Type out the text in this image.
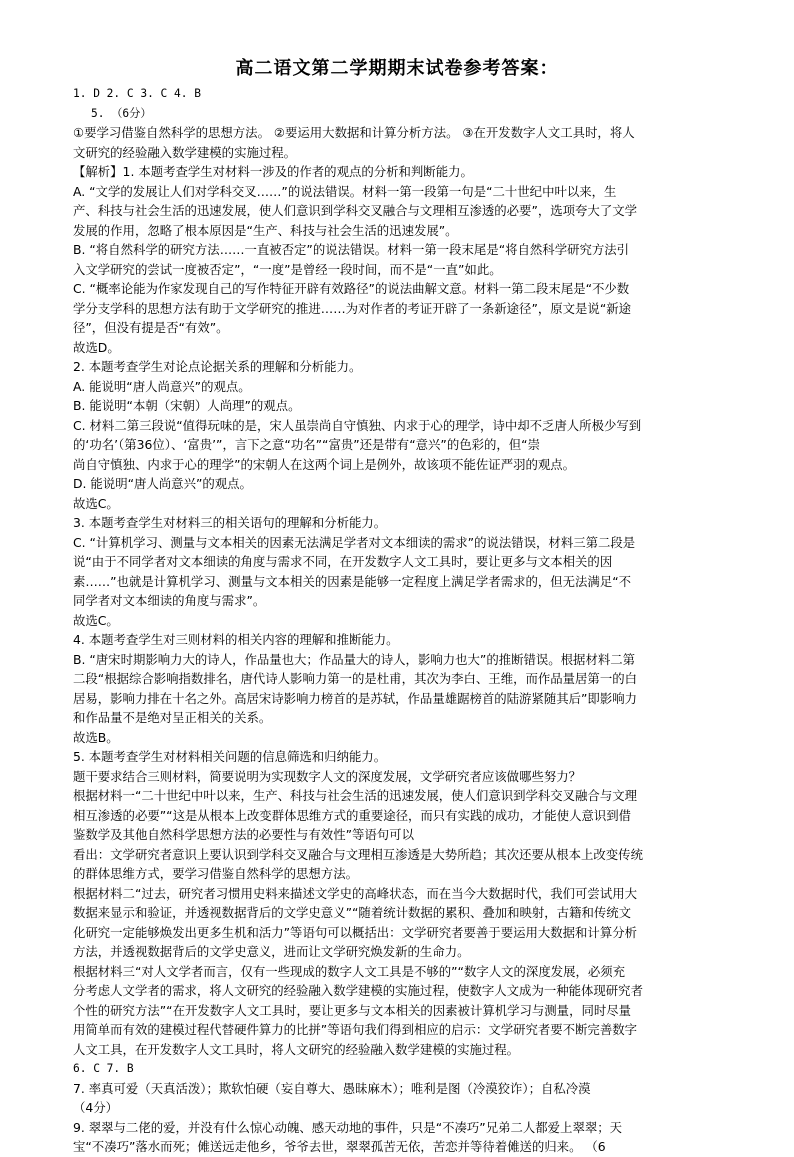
高二语文第二学期期末试卷参考答案：
1. D 2. C 3. C 4. B
5. （6分）
①要学习借鉴自然科学的思想方法。 ②要运用大数据和计算分析方法。 ③在开发数字人文工具时，将人
文研究的经验融入数学建模的实施过程。
【解析】1. 本题考查学生对材料一涉及的作者的观点的分析和判断能力。
A. “文学的发展让人们对学科交叉……”的说法错误。材料一第一段第一句是“二十世纪中叶以来，生
产、科技与社会生活的迅速发展，使人们意识到学科交叉融合与文理相互渗透的必要”，选项夸大了文学
发展的作用，忽略了根本原因是“生产、科技与社会生活的迅速发展”。
B. “将自然科学的研究方法……一直被否定”的说法错误。材料一第一段末尾是“将自然科学研究方法引
入文学研究的尝试一度被否定”，“一度”是曾经一段时间，而不是“一直”如此。
C. “概率论能为作家发现自己的写作特征开辟有效路径”的说法曲解文意。材料一第二段末尾是“不少数
学分支学科的思想方法有助于文学研究的推进……为对作者的考证开辟了一条新途径”，原文是说“新途
径”，但没有提是否“有效”。
故选D。
2. 本题考查学生对论点论据关系的理解和分析能力。
A. 能说明“唐人尚意兴”的观点。
B. 能说明“本朝（宋朝）人尚理”的观点。
C. 材料二第三段说“值得玩味的是，宋人虽崇尚自守慎独、内求于心的理学，诗中却不乏唐人所极少写到
的‘功名’（第36位）、‘富贵’”，言下之意“功名”“富贵”还是带有“意兴”的色彩的，但“崇
尚自守慎独、内求于心的理学”的宋朝人在这两个词上是例外，故该项不能佐证严羽的观点。
D. 能说明“唐人尚意兴”的观点。
故选C。
3. 本题考查学生对材料三的相关语句的理解和分析能力。
C. “计算机学习、测量与文本相关的因素无法满足学者对文本细读的需求”的说法错误，材料三第二段是
说“由于不同学者对文本细读的角度与需求不同，在开发数字人文工具时，要让更多与文本相关的因
素……”也就是计算机学习、测量与文本相关的因素是能够一定程度上满足学者需求的，但无法满足“不
同学者对文本细读的角度与需求”。
故选C。
4. 本题考查学生对三则材料的相关内容的理解和推断能力。
B. “唐宋时期影响力大的诗人，作品量也大；作品量大的诗人，影响力也大”的推断错误。根据材料二第
二段“根据综合影响指数排名，唐代诗人影响力第一的是杜甫，其次为李白、王维，而作品量居第一的白
居易，影响力排在十名之外。高居宋诗影响力榜首的是苏轼，作品量雄踞榜首的陆游紧随其后”即影响力
和作品量不是绝对呈正相关的关系。
故选B。
5. 本题考查学生对材料相关问题的信息筛选和归纳能力。
题干要求结合三则材料，简要说明为实现数字人文的深度发展，文学研究者应该做哪些努力？
根据材料一“二十世纪中叶以来，生产、科技与社会生活的迅速发展，使人们意识到学科交叉融合与文理
相互渗透的必要”“这是从根本上改变群体思维方式的重要途径，而只有实践的成功，才能使人意识到借
鉴数学及其他自然科学思想方法的必要性与有效性”等语句可以
看出：文学研究者意识上要认识到学科交叉融合与文理相互渗透是大势所趋；其次还要从根本上改变传统
的群体思维方式，要学习借鉴自然科学的思想方法。
根据材料二“过去，研究者习惯用史料来描述文学史的高峰状态，而在当今大数据时代，我们可尝试用大
数据来显示和验证，并透视数据背后的文学史意义”“随着统计数据的累积、叠加和映射，古籍和传统文
化研究一定能够焕发出更多生机和活力”等语句可以概括出：文学研究者要善于要运用大数据和计算分析
方法，并透视数据背后的文学史意义，进而让文学研究焕发新的生命力。
根据材料三“对人文学者而言，仅有一些现成的数字人文工具是不够的”“数字人文的深度发展，必须充
分考虑人文学者的需求，将人文研究的经验融入数学建模的实施过程，使数字人文成为一种能体现研究者
个性的研究方法”“在开发数字人文工具时，要让更多与文本相关的因素被计算机学习与测量，同时尽量
用简单而有效的建模过程代替硬件算力的比拼”等语句我们得到相应的启示：文学研究者要不断完善数字
人文工具，在开发数字人文工具时，将人文研究的经验融入数学建模的实施过程。
6. C 7. B
7. 率真可爱（天真活泼）；欺软怕硬（妄自尊大、愚昧麻木）；唯利是图（冷漠狡诈）；自私冷漠
（4分）
9. 翠翠与二佬的爱，并没有什么惊心动魄、感天动地的事件，只是“不凑巧”兄弟二人都爱上翠翠；天
宝“不凑巧”落水而死；傩送远走他乡，爷爷去世，翠翠孤苦无依，苦恋并等待着傩送的归来。 （6
